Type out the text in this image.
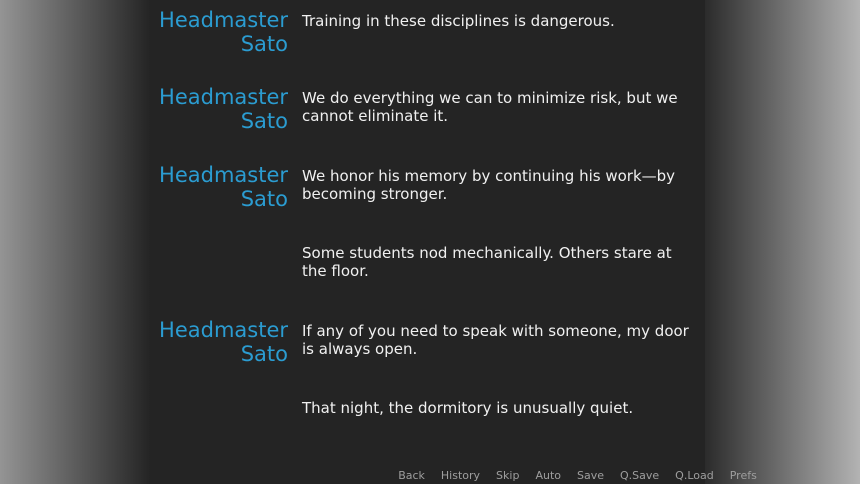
Headmaster Sato
Training in these disciplines is dangerous.
Headmaster Sato
We do everything we can to minimize risk, but we cannot eliminate it.
Headmaster Sato
We honor his memory by continuing his work—by becoming stronger.
Some students nod mechanically. Others stare at the floor.
Headmaster Sato
If any of you need to speak with someone, my door is always open.
That night, the dormitory is unusually quiet.
Back History Skip Auto Save Q.Save Q.Load Prefs
